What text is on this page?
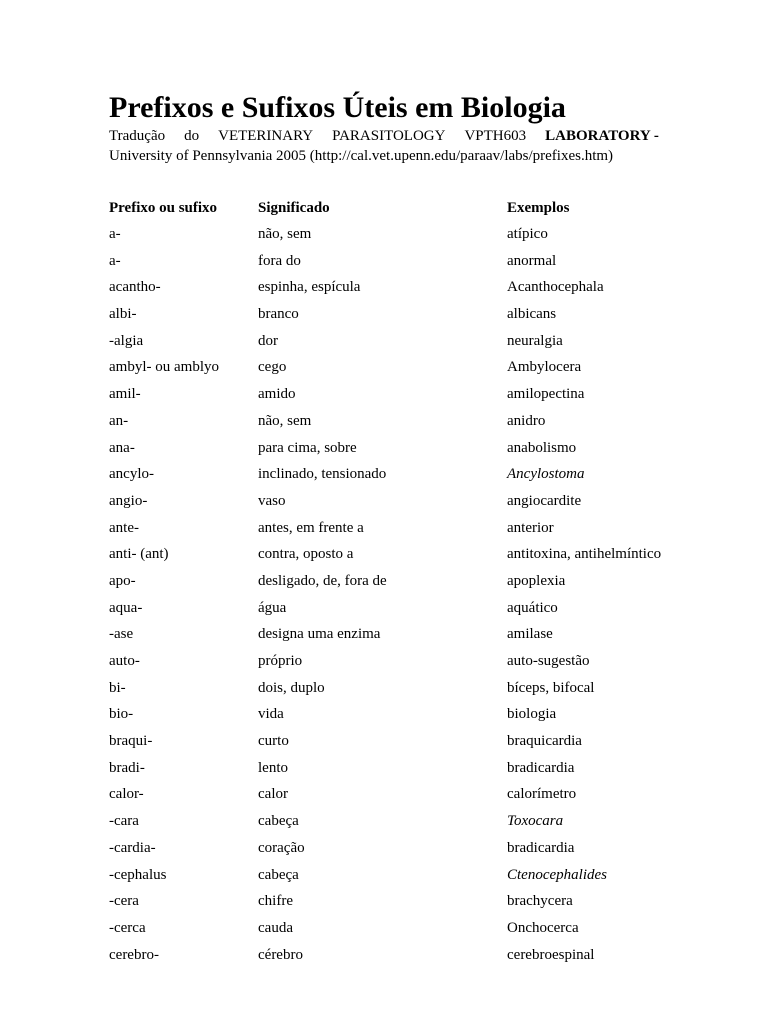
Prefixos e Sufixos Úteis em Biologia
Tradução do VETERINARY PARASITOLOGY VPTH603 LABORATORY -
University of Pennsylvania 2005 (http://cal.vet.upenn.edu/paraav/labs/prefixes.htm)
Prefixo ou sufixo	Significado	Exemplos
a-	não, sem	atípico
a-	fora do	anormal
acantho-	espinha, espícula	Acanthocephala
albi-	branco	albicans
-algia	dor	neuralgia
ambyl- ou amblyo	cego	Ambylocera
amil-	amido	amilopectina
an-	não, sem	anidro
ana-	para cima, sobre	anabolismo
ancylo-	inclinado, tensionado	Ancylostoma
angio-	vaso	angiocardite
ante-	antes, em frente a	anterior
anti- (ant)	contra, oposto a	antitoxina, antihelmíntico
apo-	desligado, de, fora de	apoplexia
aqua-	água	aquático
-ase	designa uma enzima	amilase
auto-	próprio	auto-sugestão
bi-	dois, duplo	bíceps, bifocal
bio-	vida	biologia
braqui-	curto	braquicardia
bradi-	lento	bradicardia
calor-	calor	calorímetro
-cara	cabeça	Toxocara
-cardia-	coração	bradicardia
-cephalus	cabeça	Ctenocephalides
-cera	chifre	brachycera
-cerca	cauda	Onchocerca
cerebro-	cérebro	cerebroespinal
